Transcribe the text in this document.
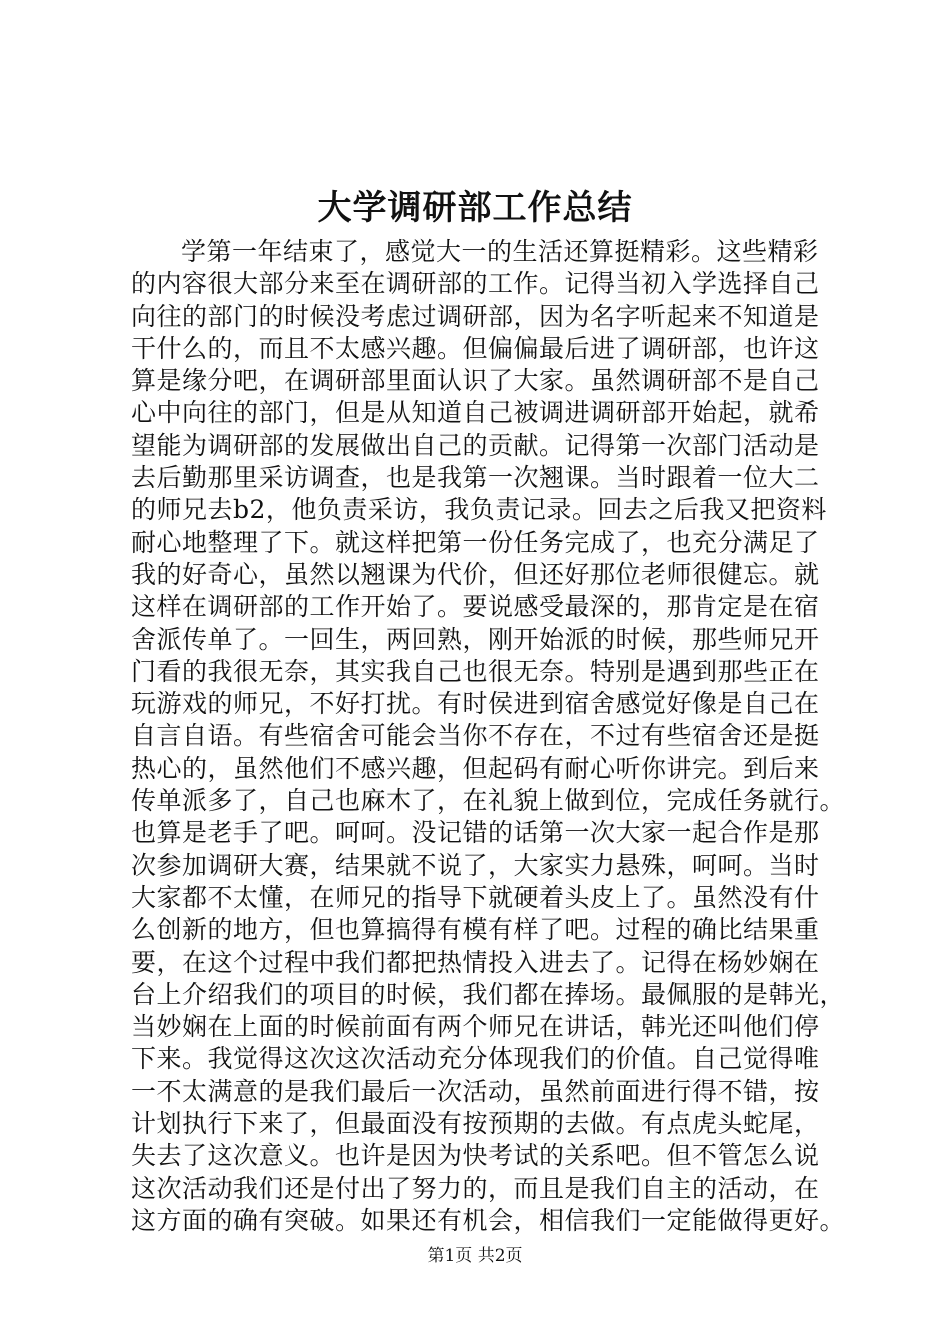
大学调研部工作总结
学第一年结束了，感觉大一的生活还算挺精彩。这些精彩
的内容很大部分来至在调研部的工作。记得当初入学选择自己
向往的部门的时候没考虑过调研部，因为名字听起来不知道是
干什么的，而且不太感兴趣。但偏偏最后进了调研部，也许这
算是缘分吧，在调研部里面认识了大家。虽然调研部不是自己
心中向往的部门，但是从知道自己被调进调研部开始起，就希
望能为调研部的发展做出自己的贡献。记得第一次部门活动是
去后勤那里采访调查，也是我第一次翘课。当时跟着一位大二
的师兄去b2，他负责采访，我负责记录。回去之后我又把资料
耐心地整理了下。就这样把第一份任务完成了，也充分满足了
我的好奇心，虽然以翘课为代价，但还好那位老师很健忘。就
这样在调研部的工作开始了。要说感受最深的，那肯定是在宿
舍派传单了。一回生，两回熟，刚开始派的时候，那些师兄开
门看的我很无奈，其实我自己也很无奈。特别是遇到那些正在
玩游戏的师兄，不好打扰。有时侯进到宿舍感觉好像是自己在
自言自语。有些宿舍可能会当你不存在，不过有些宿舍还是挺
热心的，虽然他们不感兴趣，但起码有耐心听你讲完。到后来
传单派多了，自己也麻木了，在礼貌上做到位，完成任务就行。
也算是老手了吧。呵呵。没记错的话第一次大家一起合作是那
次参加调研大赛，结果就不说了，大家实力悬殊，呵呵。当时
大家都不太懂，在师兄的指导下就硬着头皮上了。虽然没有什
么创新的地方，但也算搞得有模有样了吧。过程的确比结果重
要，在这个过程中我们都把热情投入进去了。记得在杨妙娴在
台上介绍我们的项目的时候，我们都在捧场。最佩服的是韩光，
当妙娴在上面的时候前面有两个师兄在讲话，韩光还叫他们停
下来。我觉得这次这次活动充分体现我们的价值。自己觉得唯
一不太满意的是我们最后一次活动，虽然前面进行得不错，按
计划执行下来了，但最面没有按预期的去做。有点虎头蛇尾，
失去了这次意义。也许是因为快考试的关系吧。但不管怎么说
这次活动我们还是付出了努力的，而且是我们自主的活动，在
这方面的确有突破。如果还有机会，相信我们一定能做得更好。
第1页 共2页
